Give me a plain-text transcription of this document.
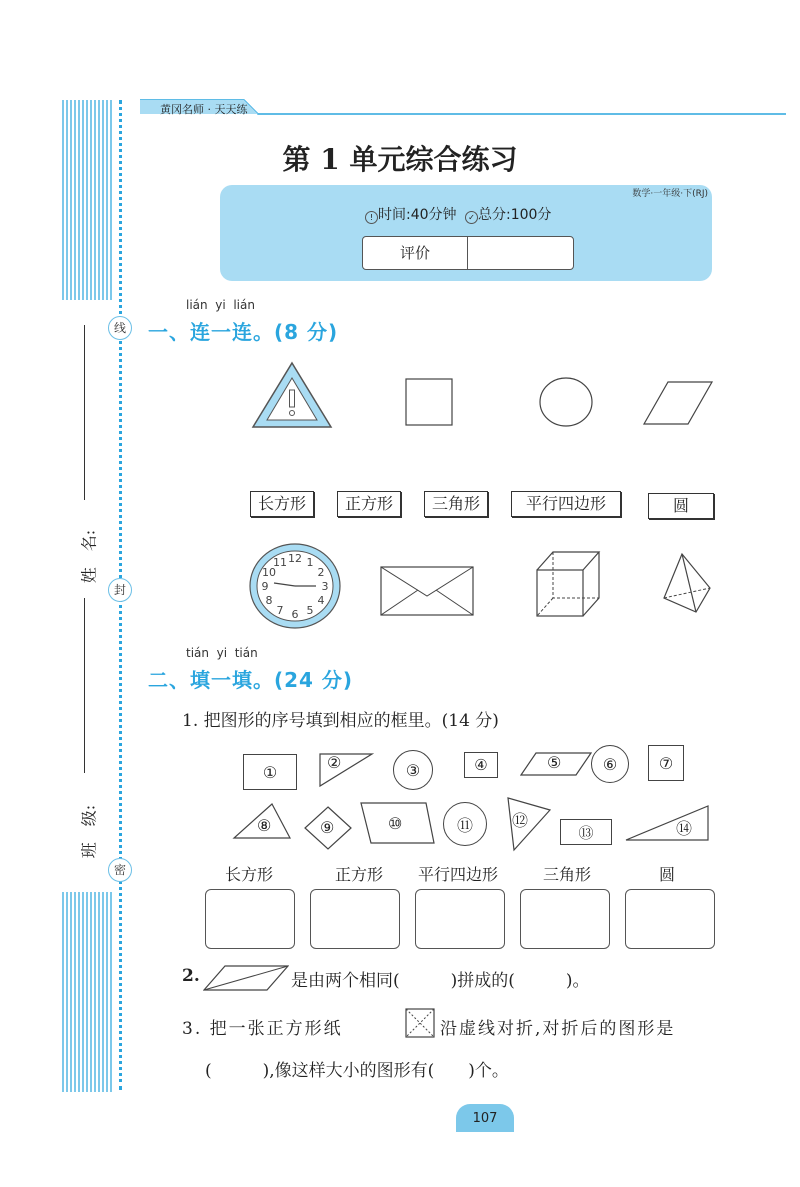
线
封
密
姓　名:
班　级:
黄冈名师 · 天天练
第 1 单元综合练习
数学·一年级·下(RJ)
! 时间:40分钟 ✓ 总分:100分
评价
lián  yi  lián
一、连一连。(8 分)
长方形	正方形	三角形	平行四边形	圆
12 1
2
3
4
5
6
7
8
9
10
11
tián  yi  tián
二、填一填。(24 分)
1. 把图形的序号填到相应的框里。(14 分)
①	②	③	④	⑤	⑥	⑦
⑧	⑨	⑩	⑪ ⑫
⑬	⑭
长方形	正方形	平行四边形	三角形	圆
2.	是由两个相同(　　　)拼成的(　　　)。
3. 把一张正方形纸	沿虚线对折,对折后的图形是
(　　　),像这样大小的图形有(　　)个。
107
